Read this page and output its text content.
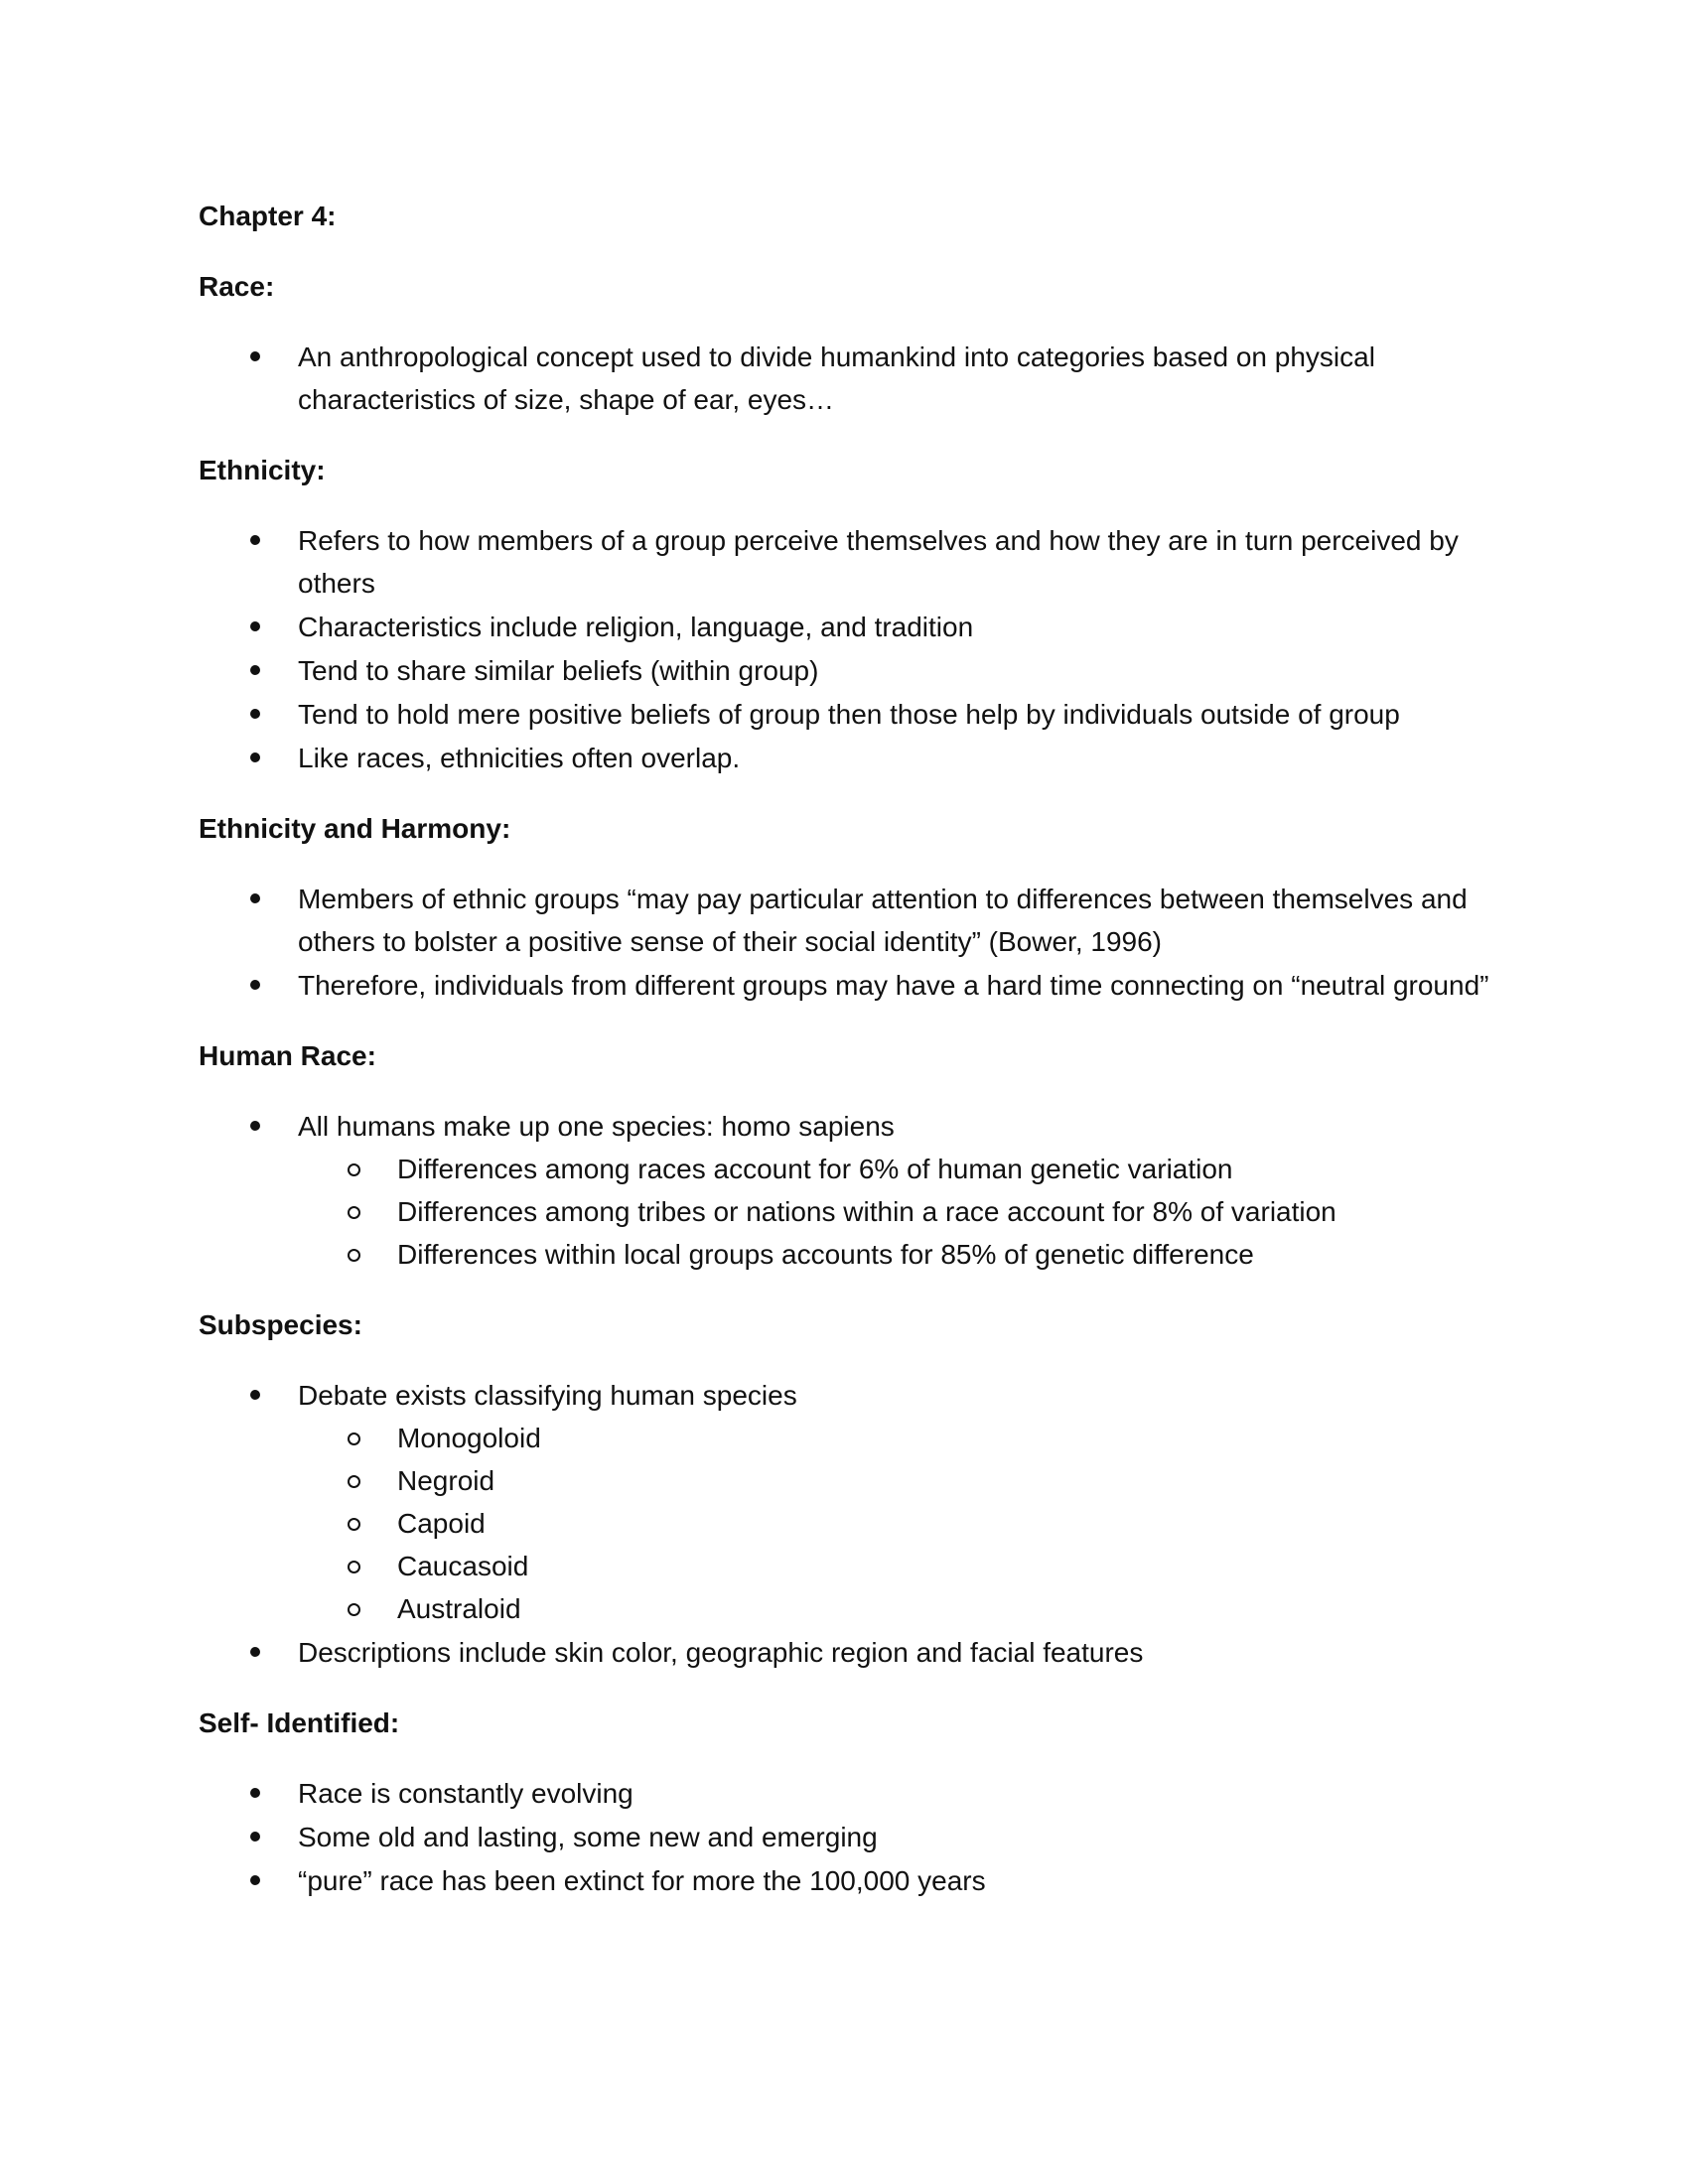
Chapter 4:

Race:

An anthropological concept used to divide humankind into categories based on physical characteristics of size, shape of ear, eyes…

Ethnicity:

Refers to how members of a group perceive themselves and how they are in turn perceived by others
Characteristics include religion, language, and tradition
Tend to share similar beliefs (within group)
Tend to hold mere positive beliefs of group then those help by individuals outside of group
Like races, ethnicities often overlap.

Ethnicity and Harmony:

Members of ethnic groups “may pay particular attention to differences between themselves and others to bolster a positive sense of their social identity” (Bower, 1996)
Therefore, individuals from different groups may have a hard time connecting on “neutral ground”

Human Race:

All humans make up one species: homo sapiens
Differences among races account for 6% of human genetic variation
Differences among tribes or nations within a race account for 8% of variation
Differences within local groups accounts for 85% of genetic difference

Subspecies:

Debate exists classifying human species
Monogoloid
Negroid
Capoid
Caucasoid
Australoid
Descriptions include skin color, geographic region and facial features

Self- Identified:

Race is constantly evolving
Some old and lasting, some new and emerging
“pure” race has been extinct for more the 100,000 years
